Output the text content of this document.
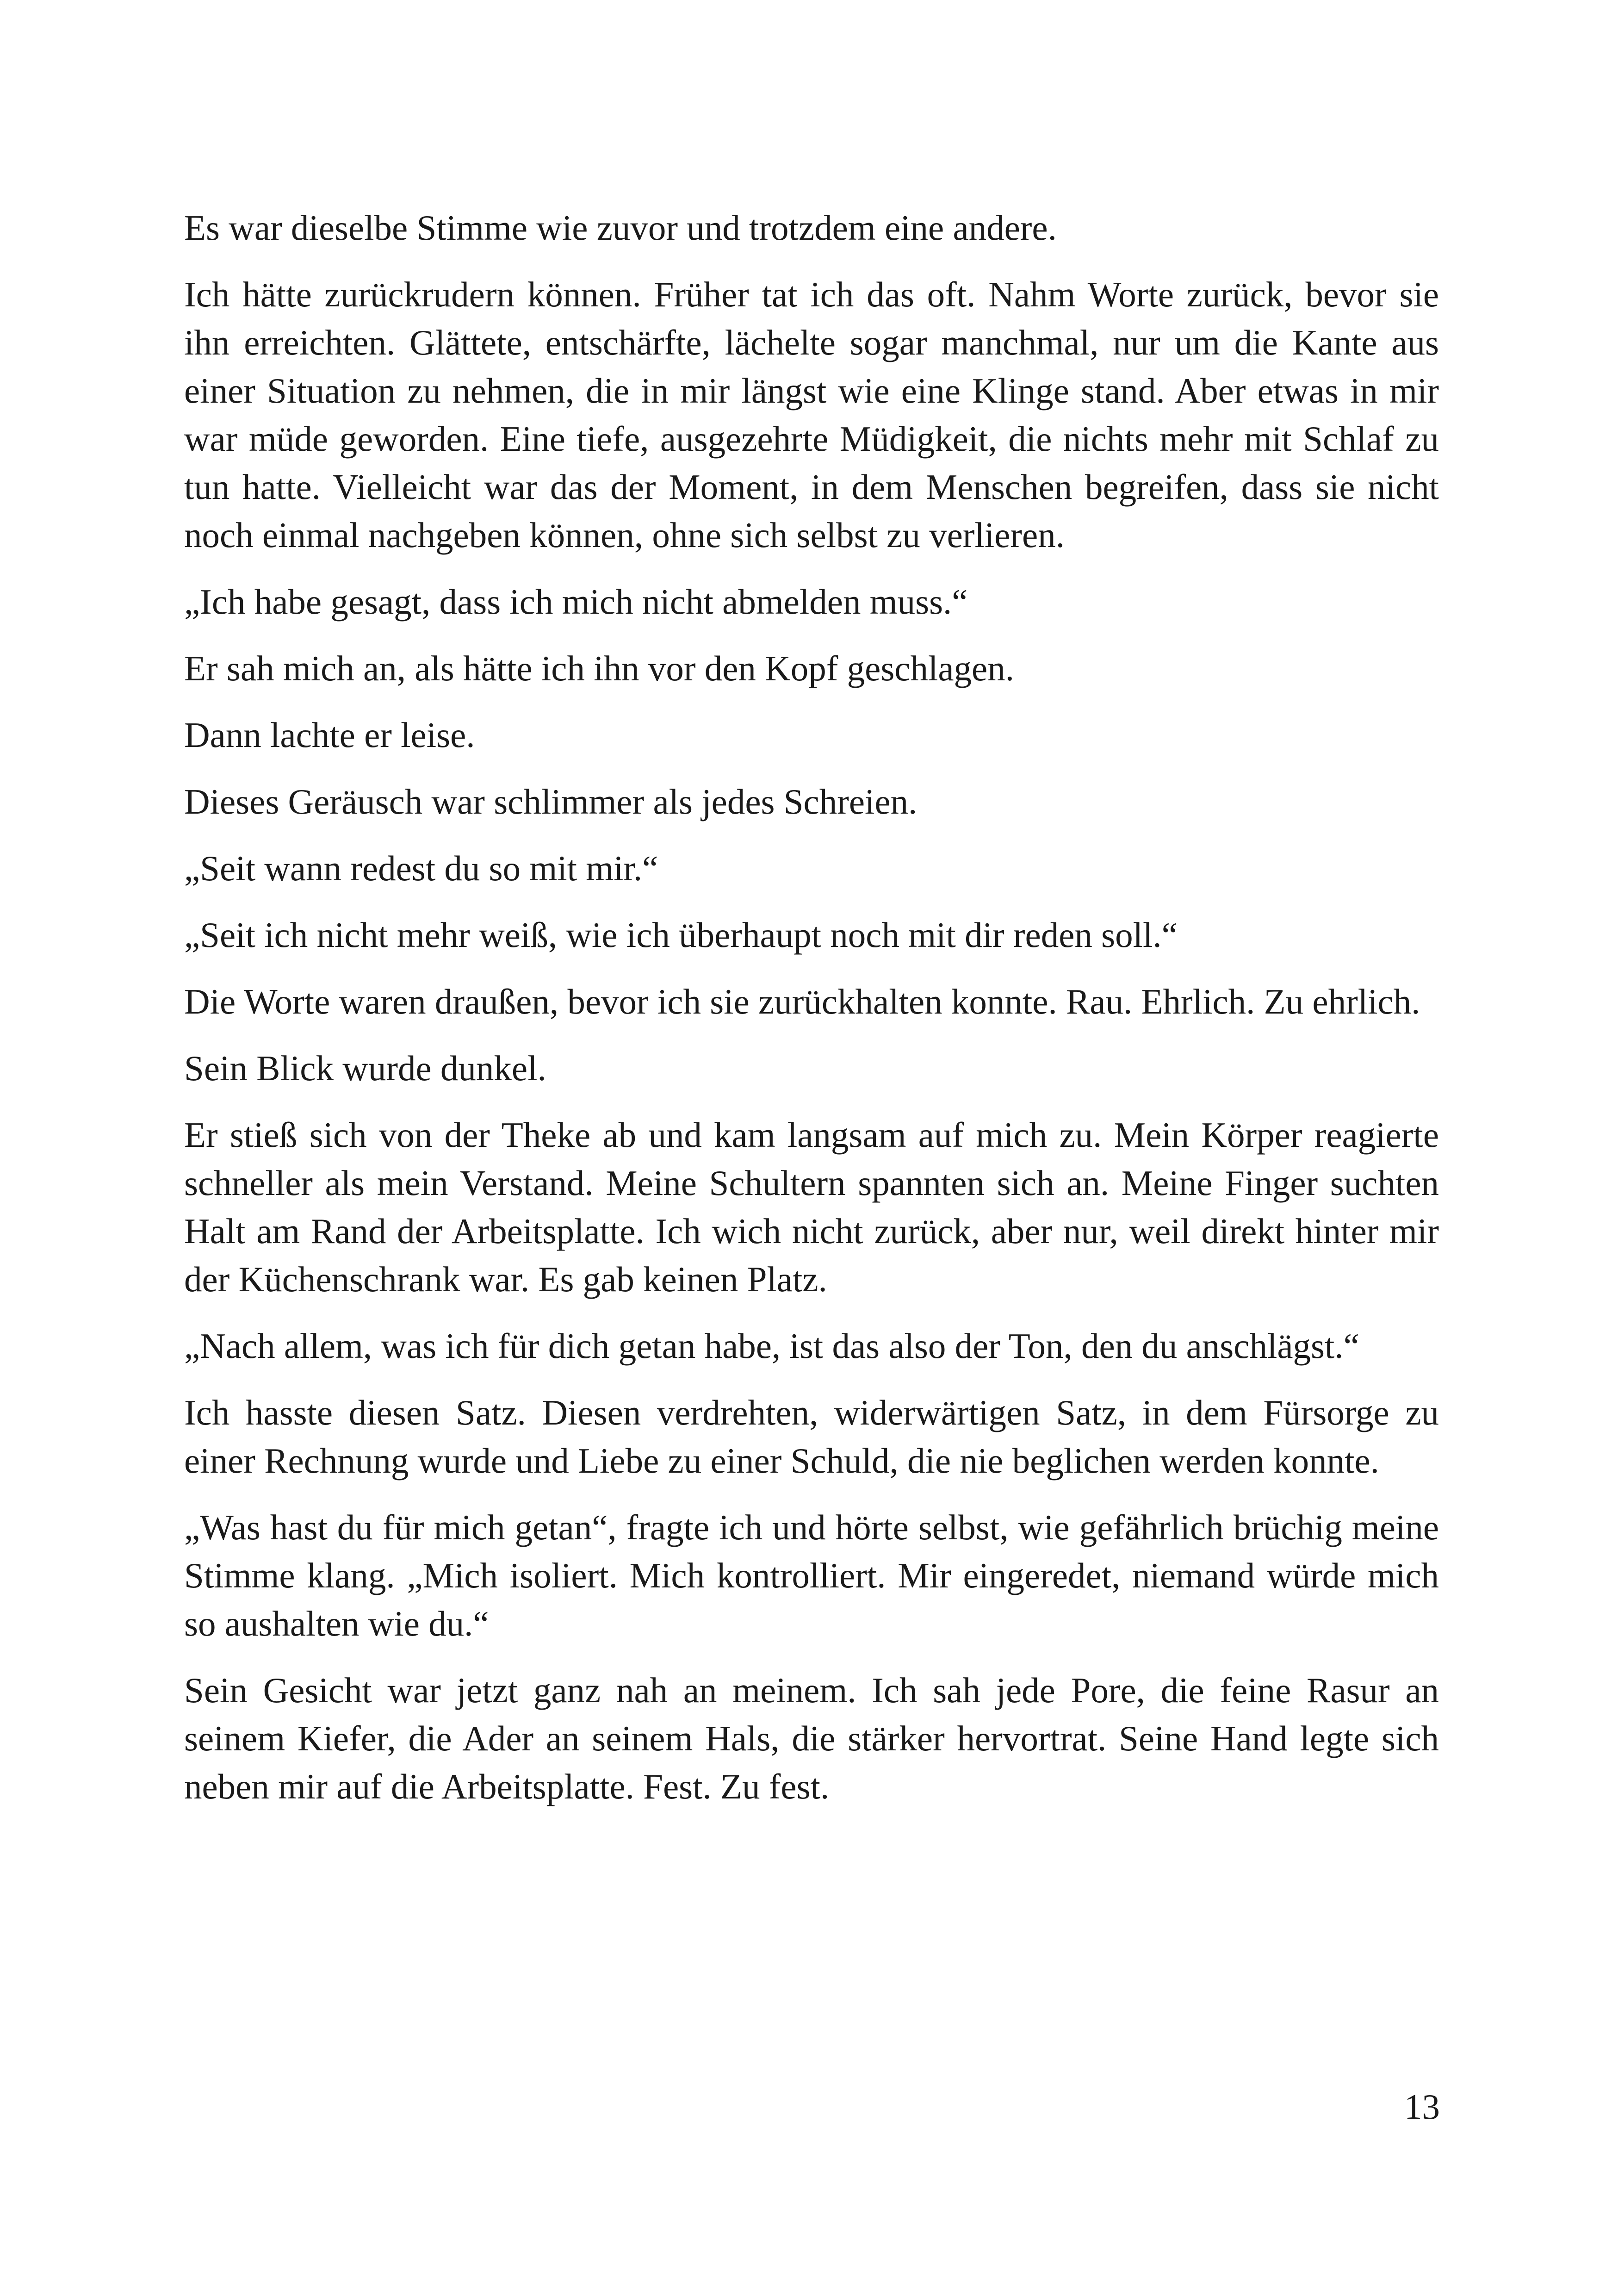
Es war dieselbe Stimme wie zuvor und trotzdem eine andere.

Ich hätte zurückrudern können. Früher tat ich das oft. Nahm Worte zurück, bevor sie ihn erreichten. Glättete, entschärfte, lächelte sogar manchmal, nur um die Kante aus einer Situation zu nehmen, die in mir längst wie eine Klinge stand. Aber etwas in mir war müde geworden. Eine tiefe, ausgezehrte Müdigkeit, die nichts mehr mit Schlaf zu tun hatte. Vielleicht war das der Moment, in dem Menschen begreifen, dass sie nicht noch einmal nachgeben können, ohne sich selbst zu verlieren.

„Ich habe gesagt, dass ich mich nicht abmelden muss.“

Er sah mich an, als hätte ich ihn vor den Kopf geschlagen.

Dann lachte er leise.

Dieses Geräusch war schlimmer als jedes Schreien.

„Seit wann redest du so mit mir.“

„Seit ich nicht mehr weiß, wie ich überhaupt noch mit dir reden soll.“

Die Worte waren draußen, bevor ich sie zurückhalten konnte. Rau. Ehrlich. Zu ehrlich.

Sein Blick wurde dunkel.

Er stieß sich von der Theke ab und kam langsam auf mich zu. Mein Körper reagierte schneller als mein Verstand. Meine Schultern spannten sich an. Meine Finger suchten Halt am Rand der Arbeitsplatte. Ich wich nicht zurück, aber nur, weil direkt hinter mir der Küchenschrank war. Es gab keinen Platz.

„Nach allem, was ich für dich getan habe, ist das also der Ton, den du anschlägst.“

Ich hasste diesen Satz. Diesen verdrehten, widerwärtigen Satz, in dem Fürsorge zu einer Rechnung wurde und Liebe zu einer Schuld, die nie beglichen werden konnte.

„Was hast du für mich getan“, fragte ich und hörte selbst, wie gefährlich brüchig meine Stimme klang. „Mich isoliert. Mich kontrolliert. Mir eingeredet, niemand würde mich so aushalten wie du.“

Sein Gesicht war jetzt ganz nah an meinem. Ich sah jede Pore, die feine Rasur an seinem Kiefer, die Ader an seinem Hals, die stärker hervortrat. Seine Hand legte sich neben mir auf die Arbeitsplatte. Fest. Zu fest.

13
